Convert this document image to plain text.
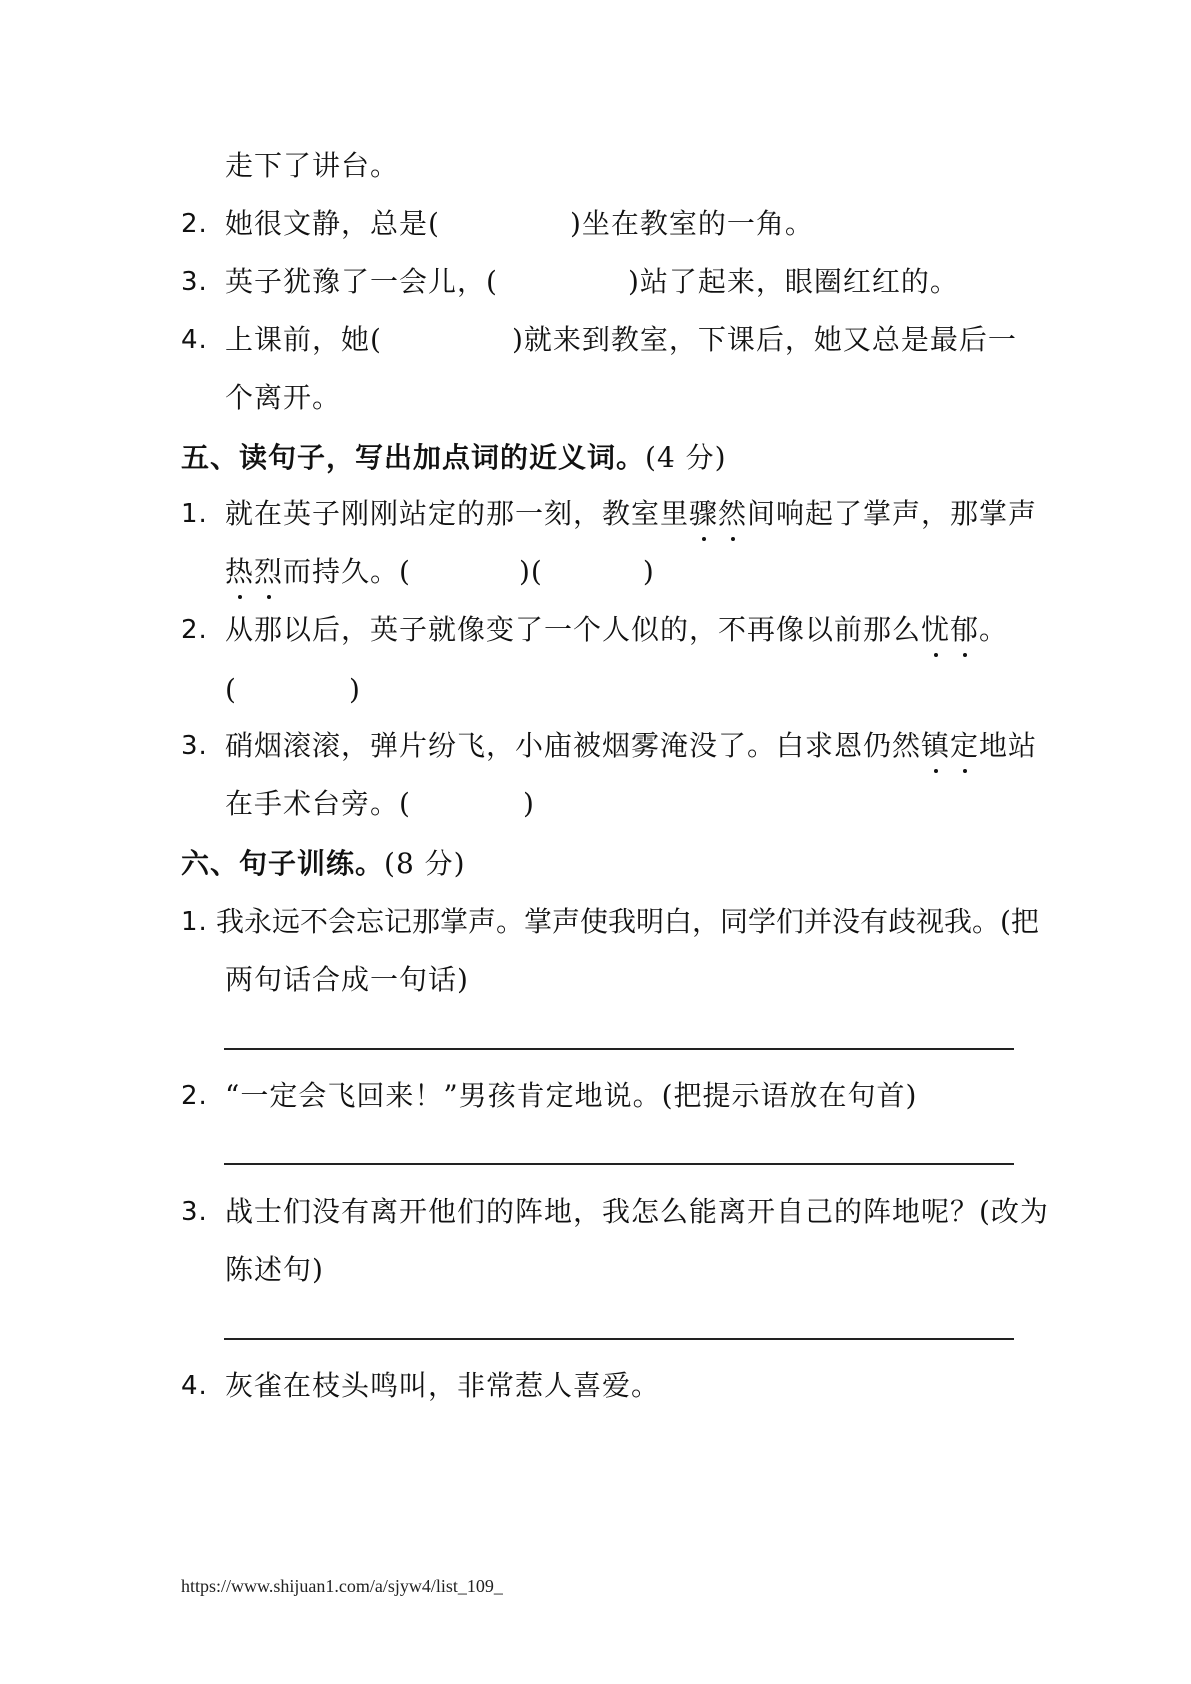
走下了讲台。
2. 她很文静，总是(	)坐在教室的一角。
3. 英子犹豫了一会儿，(	)站了起来，眼圈红红的。
4. 上课前，她(	)就来到教室，下课后，她又总是最后一
个离开。
五、读句子，写出加点词的近义词。(4 分)
1. 就在英子刚刚站定的那一刻，教室里骤然间响起了掌声，那掌声
热烈而持久。(	)(	)
2. 从那以后，英子就像变了一个人似的，不再像以前那么忧郁。
(	)
3. 硝烟滚滚，弹片纷飞，小庙被烟雾淹没了。白求恩仍然镇定地站
在手术台旁。(	)
六、句子训练。(8 分)
1. 我永远不会忘记那掌声。掌声使我明白，同学们并没有歧视我。(把
两句话合成一句话)
2. “一定会飞回来！”男孩肯定地说。(把提示语放在句首)
3. 战士们没有离开他们的阵地，我怎么能离开自己的阵地呢？(改为
陈述句)
4. 灰雀在枝头鸣叫，非常惹人喜爱。
https://www.shijuan1.com/a/sjyw4/list_109_
